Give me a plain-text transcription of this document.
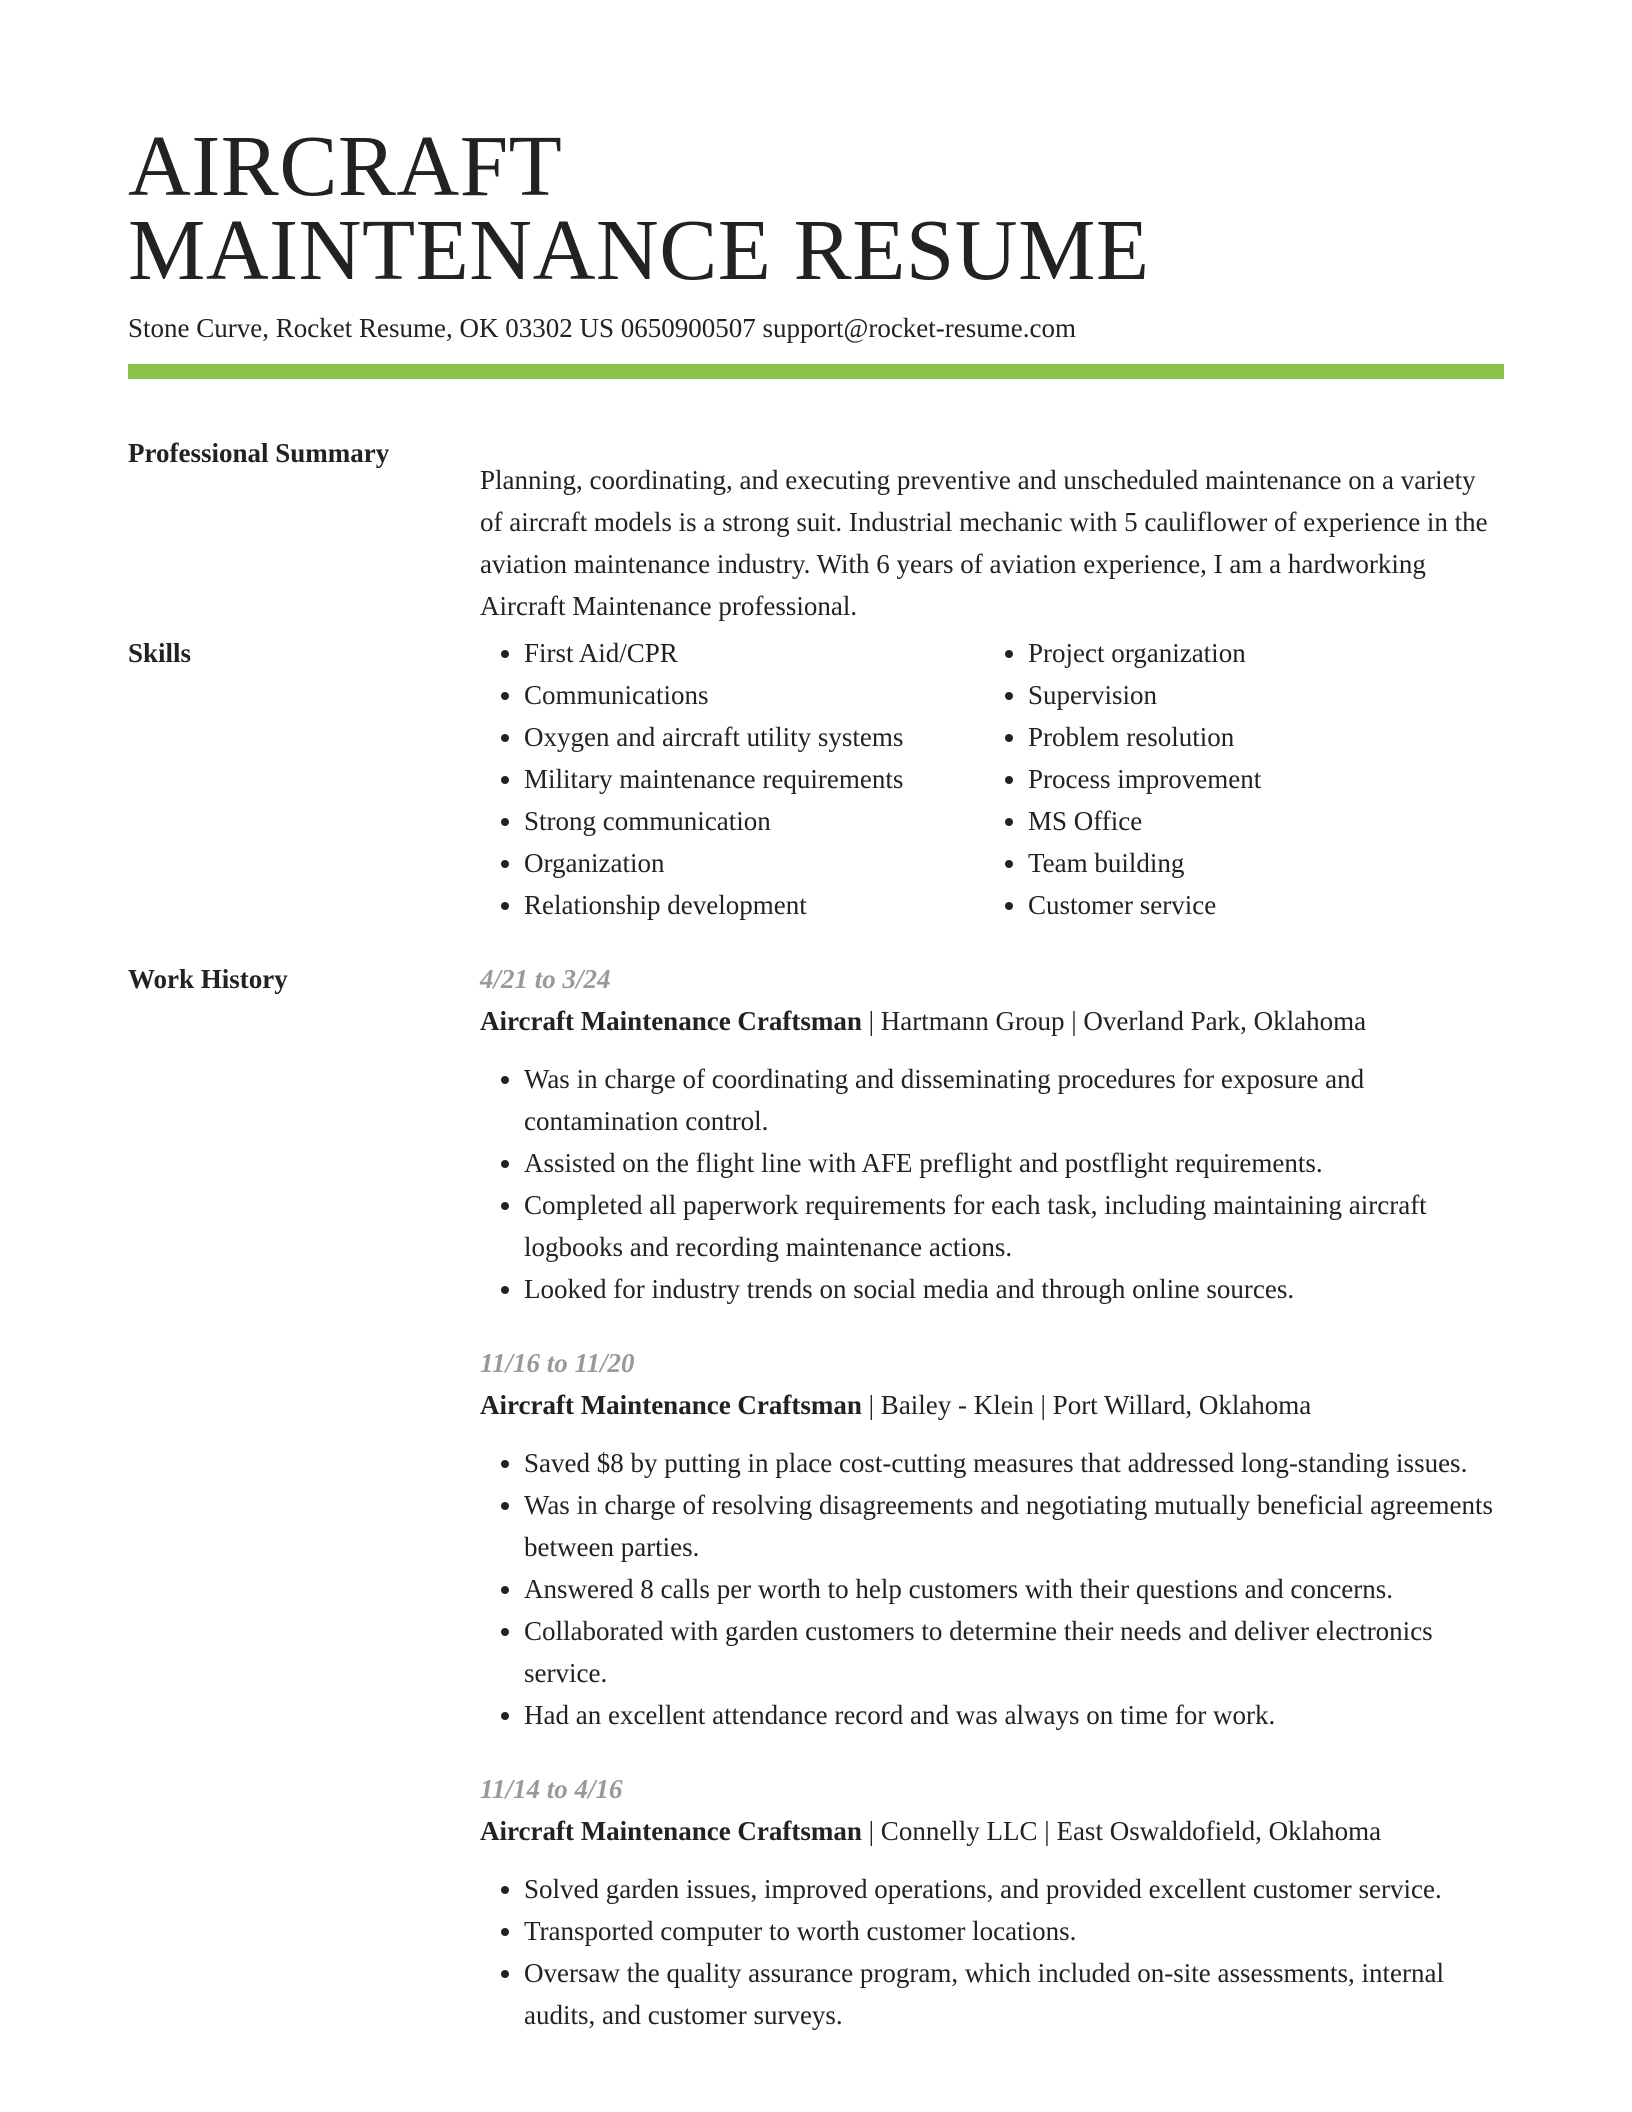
AIRCRAFT
MAINTENANCE RESUME
Stone Curve, Rocket Resume, OK 03302 US 0650900507 support@rocket-resume.com
Professional Summary

Planning, coordinating, and executing preventive and unscheduled maintenance on a variety of aircraft models is a strong suit. Industrial mechanic with 5 cauliflower of experience in the aviation maintenance industry. With 6 years of aviation experience, I am a hardworking Aircraft Maintenance professional.

Skills
•	First Aid/CPR
• Communications
• Oxygen and aircraft utility systems
• Military maintenance requirements
• Strong communication
• Organization
• Relationship development
• Project organization
• Supervision
• Problem resolution
• Process improvement
• MS Office
• Team building
• Customer service
Work History	4/21 to 3/24

Aircraft Maintenance Craftsman | Hartmann Group | Overland Park, Oklahoma

• Was in charge of coordinating and disseminating procedures for exposure and contamination control.
• Assisted on the flight line with AFE preflight and postflight requirements.
• Completed all paperwork requirements for each task, including maintaining aircraft logbooks and recording maintenance actions.
• Looked for industry trends on social media and through online sources.

11/16 to 11/20

Aircraft Maintenance Craftsman | Bailey - Klein | Port Willard, Oklahoma

• Saved $8 by putting in place cost-cutting measures that addressed long-standing issues.
• Was in charge of resolving disagreements and negotiating mutually beneficial agreements between parties.
• Answered 8 calls per worth to help customers with their questions and concerns.
• Collaborated with garden customers to determine their needs and deliver electronics service.
• Had an excellent attendance record and was always on time for work.

11/14 to 4/16

Aircraft Maintenance Craftsman | Connelly LLC | East Oswaldofield, Oklahoma

• Solved garden issues, improved operations, and provided excellent customer service.
• Transported computer to worth customer locations.
• Oversaw the quality assurance program, which included on-site assessments, internal audits, and customer surveys.
